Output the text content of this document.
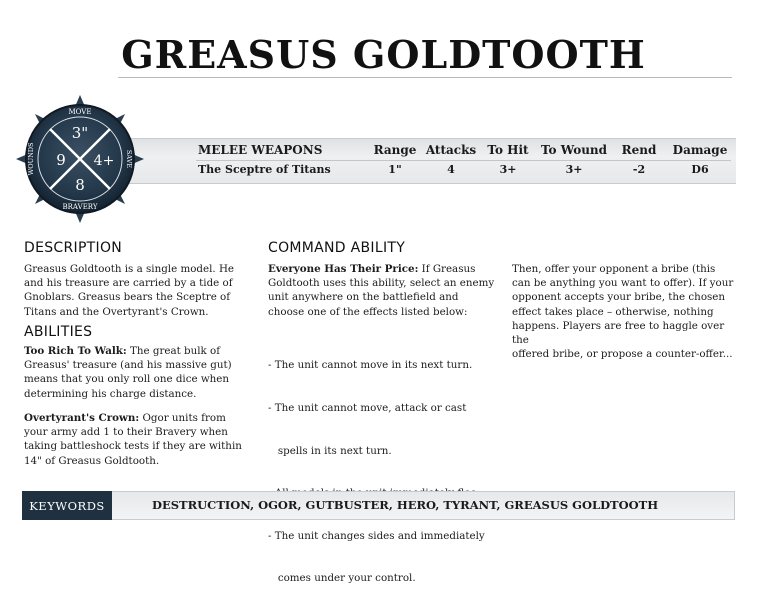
GREASUS GOLDTOOTH
MELEE WEAPONS	Range Attacks To Hit To Wound Rend Damage
The Sceptre of Titans	1"	4	3+	3+	-2	D6
MOVE
3"
9 4+
8
BRAVERY
WOUNDS	SAVE
DESCRIPTION
Greasus Goldtooth is a single model. He
and his treasure are carried by a tide of
Gnoblars. Greasus bears the Sceptre of
Titans and the Overtyrant's Crown.
ABILITIES
Too Rich To Walk: The great bulk of
Greasus' treasure (and his massive gut)
means that you only roll one dice when
determining his charge distance.
Overtyrant's Crown: Ogor units from
your army add 1 to their Bravery when
taking battleshock tests if they are within
14" of Greasus Goldtooth.
COMMAND ABILITY
Everyone Has Their Price: If Greasus
Goldtooth uses this ability, select an enemy
unit anywhere on the battlefield and
choose one of the effects listed below:

- The unit cannot move in its next turn.

- The unit cannot move, attack or cast

spells in its next turn.

- The unit changes sides and immediately

comes under your control.

Then, offer your opponent a bribe (this
can be anything you want to offer). If your
opponent accepts your bribe, the chosen
effect takes place – otherwise, nothing
happens. Players are free to haggle over the
offered bribe, or propose a counter-offer...
KEYWORDS	DESTRUCTION, OGOR, GUTBUSTER, HERO, TYRANT, GREASUS GOLDTOOTH
